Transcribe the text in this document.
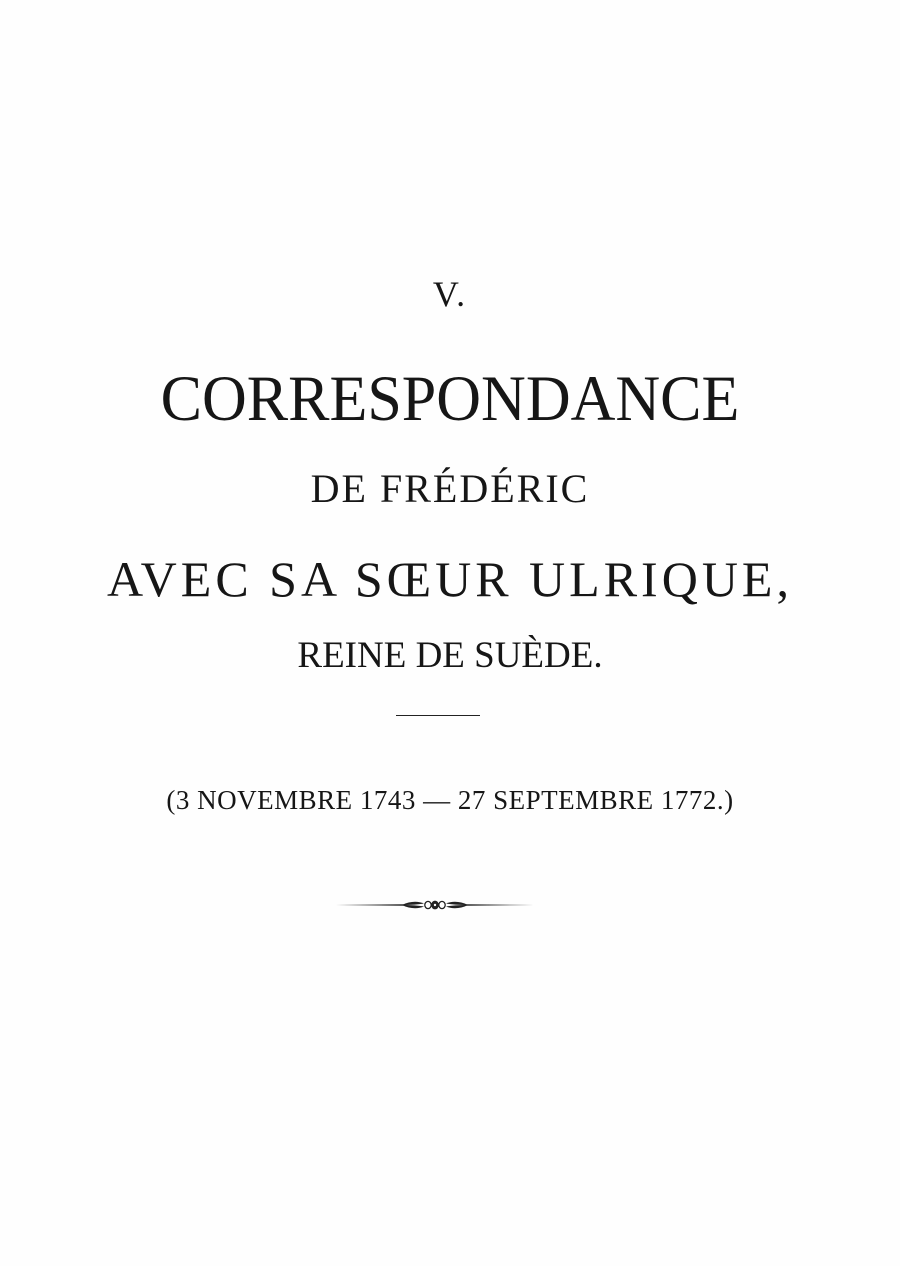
V.
CORRESPONDANCE
DE FRÉDÉRIC
AVEC SA SŒUR ULRIQUE,
REINE DE SUÈDE.
(3 NOVEMBRE 1743 — 27 SEPTEMBRE 1772.)
